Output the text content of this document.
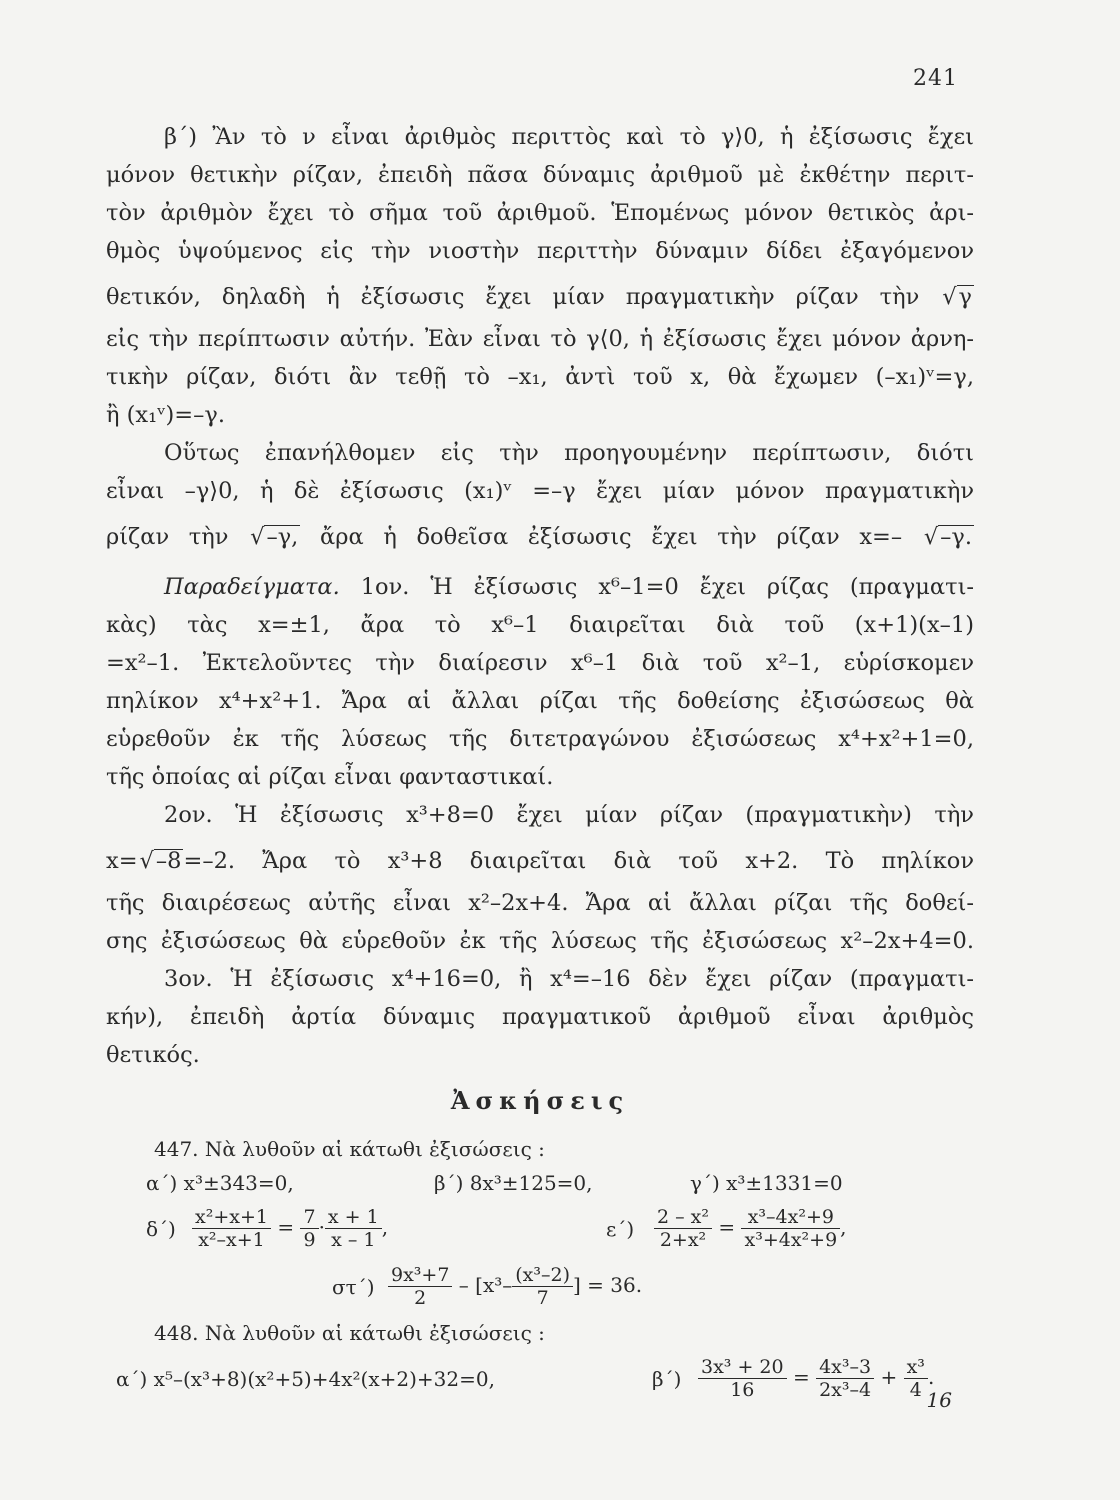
241
β΄) Ἂν τὸ ν εἶναι ἀριθμὸς περιττὸς καὶ τὸ γ⟩0, ἡ ἐξίσωσις ἔχει
μόνον θετικὴν ρίζαν, ἐπειδὴ πᾶσα δύναμις ἀριθμοῦ μὲ ἐκθέτην περιτ-
τὸν ἀριθμὸν ἔχει τὸ σῆμα τοῦ ἀριθμοῦ. Ἑπομένως μόνον θετικὸς ἀρι-
θμὸς ὑψούμενος εἰς τὴν νιοστὴν περιττὴν δύναμιν δίδει ἐξαγόμενον
θετικόν, δηλαδὴ ἡ ἐξίσωσις ἔχει μίαν πραγματικὴν ρίζαν τὴν √γ
εἰς τὴν περίπτωσιν αὐτήν. Ἐὰν εἶναι τὸ γ⟨0, ἡ ἐξίσωσις ἔχει μόνον ἀρνη-
τικὴν ρίζαν, διότι ἂν τεθῇ τὸ –x₁, ἀντὶ τοῦ x, θὰ ἔχωμεν (–x₁)ᵛ=γ,
ἢ (x₁ᵛ)=–γ.
Οὕτως ἐπανήλθομεν εἰς τὴν προηγουμένην περίπτωσιν, διότι
εἶναι –γ⟩0, ἡ δὲ ἐξίσωσις (x₁)ᵛ =–γ ἔχει μίαν μόνον πραγματικὴν
ρίζαν τὴν √–γ, ἄρα ἡ δοθεῖσα ἐξίσωσις ἔχει τὴν ρίζαν x=– √–γ.
Παραδείγματα. 1ον. Ἡ ἐξίσωσις x⁶–1=0 ἔχει ρίζας (πραγματι-
κὰς) τὰς x=±1, ἄρα τὸ x⁶–1 διαιρεῖται διὰ τοῦ (x+1)(x–1)
=x²–1. Ἐκτελοῦντες τὴν διαίρεσιν x⁶–1 διὰ τοῦ x²–1, εὑρίσκομεν
πηλίκον x⁴+x²+1. Ἄρα αἱ ἄλλαι ρίζαι τῆς δοθείσης ἐξισώσεως θὰ
εὑρεθοῦν ἐκ τῆς λύσεως τῆς διτετραγώνου ἐξισώσεως x⁴+x²+1=0,
τῆς ὁποίας αἱ ρίζαι εἶναι φανταστικαί.
2ον. Ἡ ἐξίσωσις x³+8=0 ἔχει μίαν ρίζαν (πραγματικὴν) τὴν
x=
√–8=–2. Ἄρα τὸ x³+8 διαιρεῖται διὰ τοῦ x+2. Τὸ πηλίκον
τῆς διαιρέσεως αὐτῆς εἶναι x²–2x+4. Ἄρα αἱ ἄλλαι ρίζαι τῆς δοθεί-
σης ἐξισώσεως θὰ εὑρεθοῦν ἐκ τῆς λύσεως τῆς ἐξισώσεως x²–2x+4=0.
3ον. Ἡ ἐξίσωσις x⁴+16=0, ἢ x⁴=–16 δὲν ἔχει ρίζαν (πραγματι-
κήν), ἐπειδὴ ἀρτία δύναμις πραγματικοῦ ἀριθμοῦ εἶναι ἀριθμὸς
θετικός.
Ἀσκήσεις
447. Νὰ λυθοῦν αἱ κάτωθι ἐξισώσεις :
α΄) x³±343=0,	β΄) 8x³±125=0,	γ΄) x³±1331=0
$\delta΄) \frac{\text{x²+x+1}}{\text{x²–x+1}} = \frac{7}{9} \cdot \frac{x + 1}{x - 1}$ ,	$\varepsilon΄) \frac{\text{2 – x²}}{\text{2+x²}} = \frac{\text{x³–4x²+9}}{\text{x³+4x²+9}}$ ,
$\sigma\tau΄) \frac{\text{9x³+7}}{2} - [x^3- \frac{\text{(x³–2)}}{7}$ ] = 36.
448. Νὰ λυθοῦν αἱ κάτωθι ἐξισώσεις :
α΄) x⁵–(x³+8)(x²+5)+4x²(x+2)+32=0,	$\beta΄) \frac{\text{3x³ + 20}}{16} = \frac{\text{4x³–3}}{\text{2x³–4}} + \frac{\text{x³}}{4}$ .
16
